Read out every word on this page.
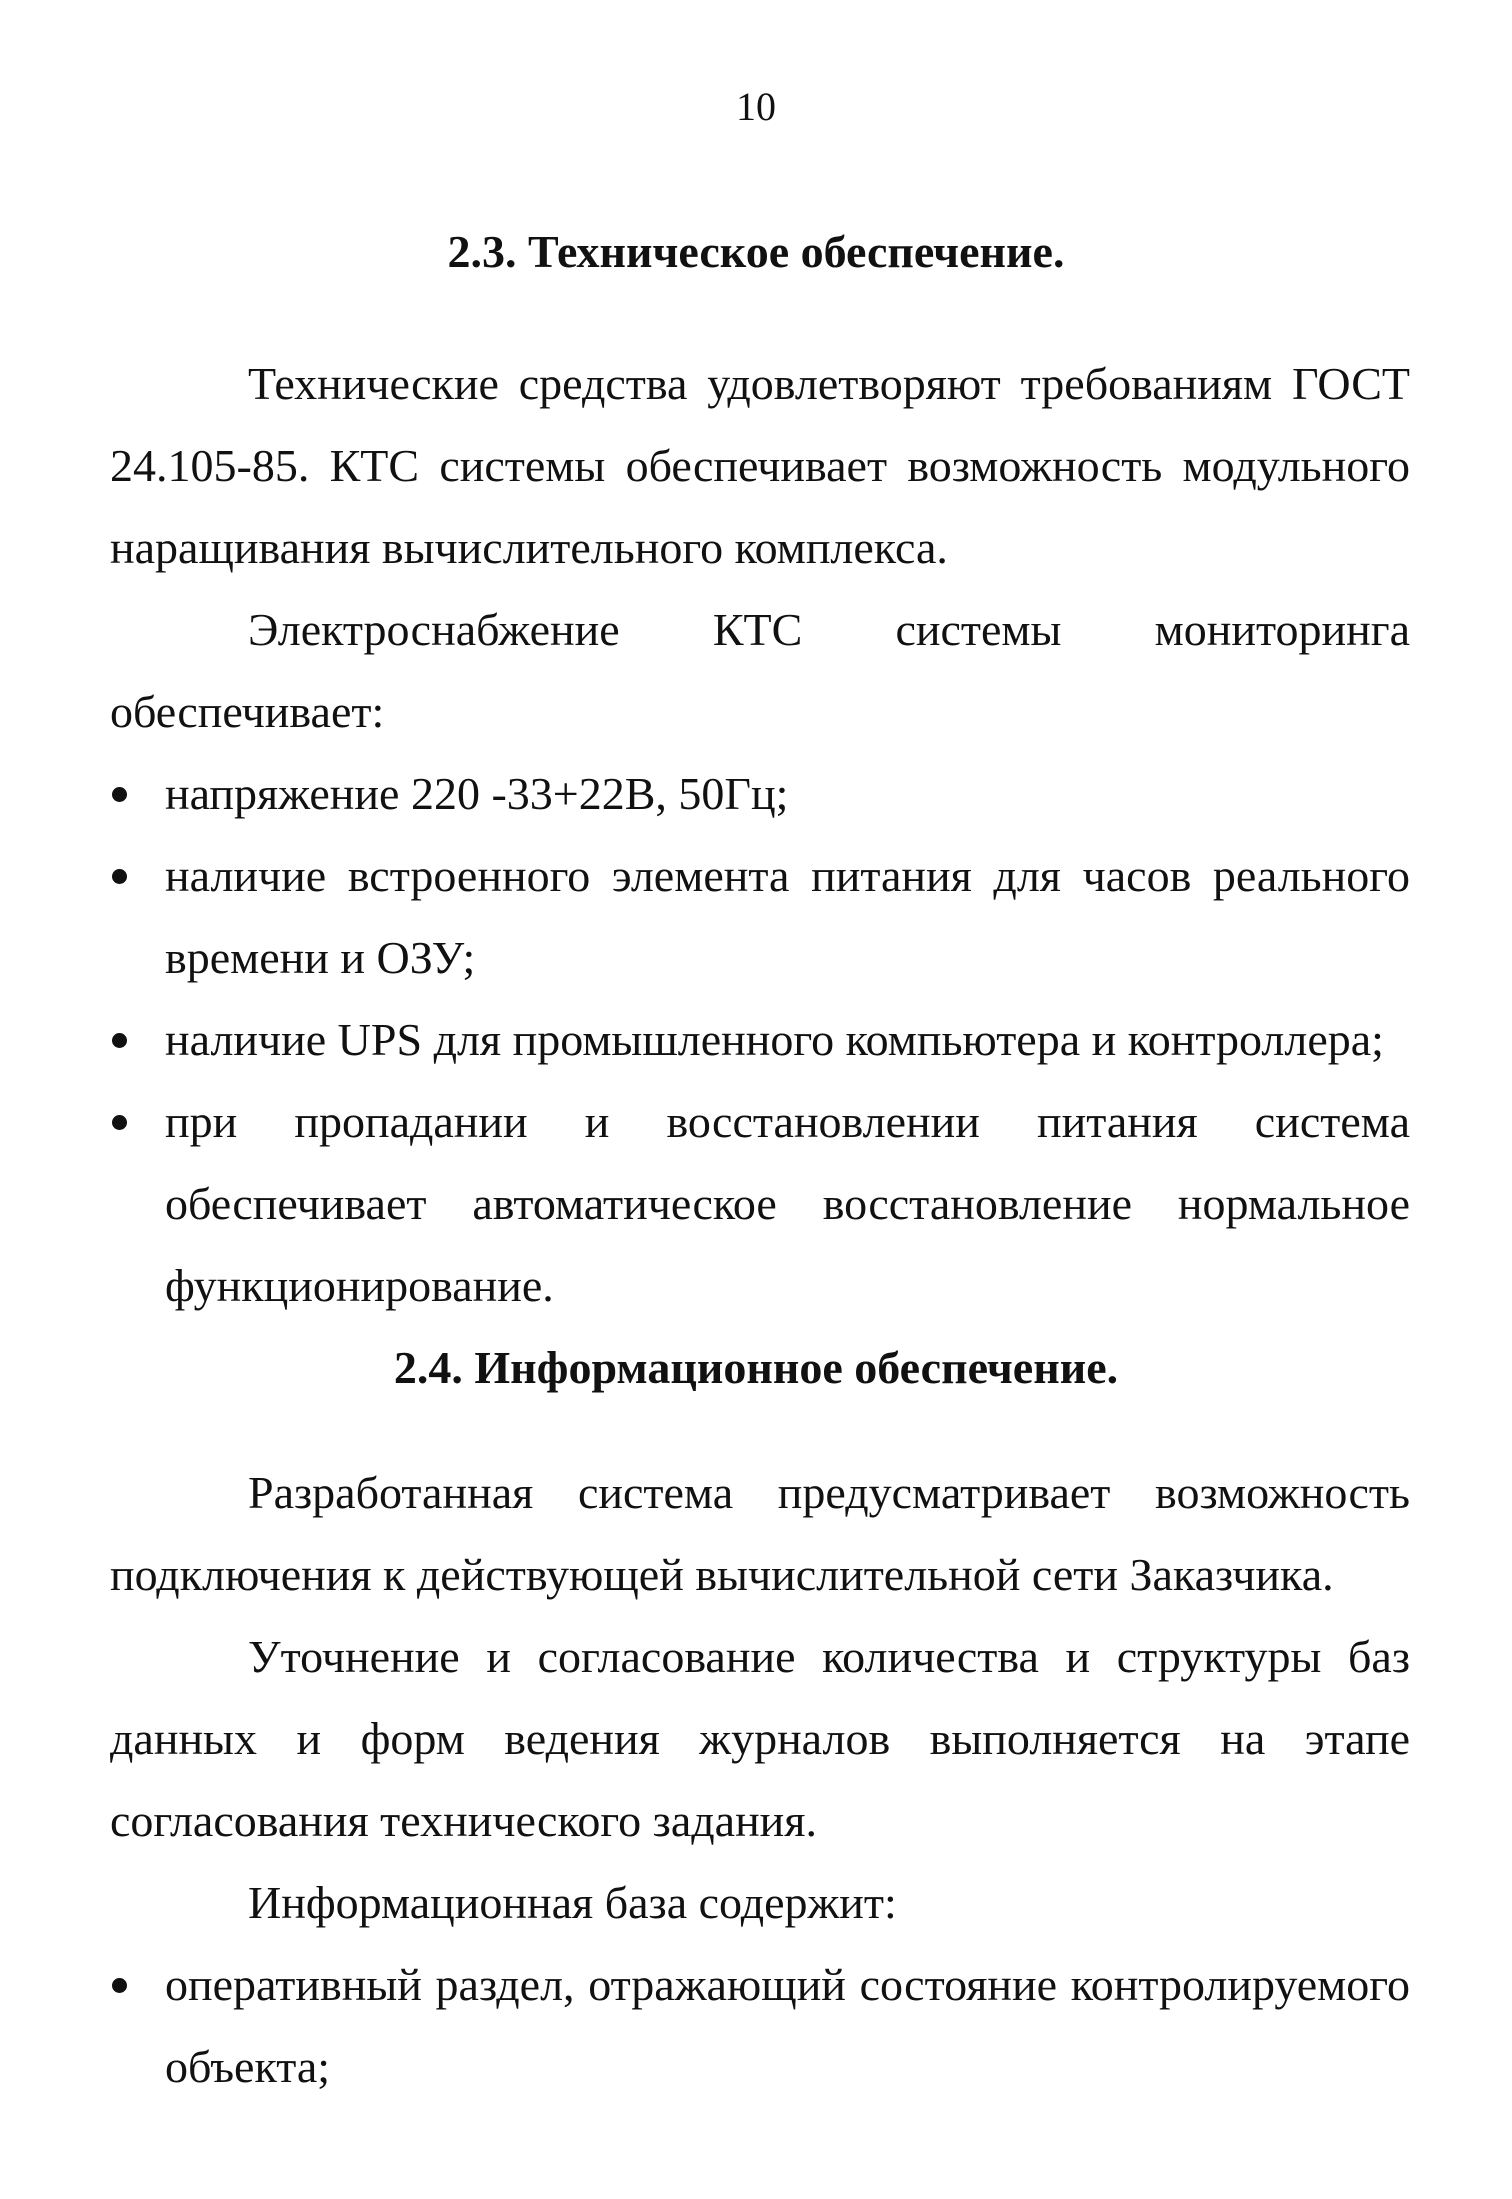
10
2.3. Техническое обеспечение.

Технические средства удовлетворяют требованиям ГОСТ 24.105-85. КТС системы обеспечивает возможность модульного наращивания вычислительного комплекса.

Электроснабжение КТС системы мониторинга обеспечивает:

напряжение 220 -33+22В, 50Гц;
наличие встроенного элемента питания для часов реального времени и ОЗУ;
наличие UPS для промышленного компьютера и контроллера;
при пропадании и восстановлении питания система обеспечивает автоматическое восстановление нормальное функционирование.
2.4. Информационное обеспечение.

Разработанная система предусматривает возможность подключения к действующей вычислительной сети Заказчика.

Уточнение и согласование количества и структуры баз данных и форм ведения журналов выполняется на этапе согласования технического задания.

Информационная база содержит:

оперативный раздел, отражающий состояние контролируемого объекта;
